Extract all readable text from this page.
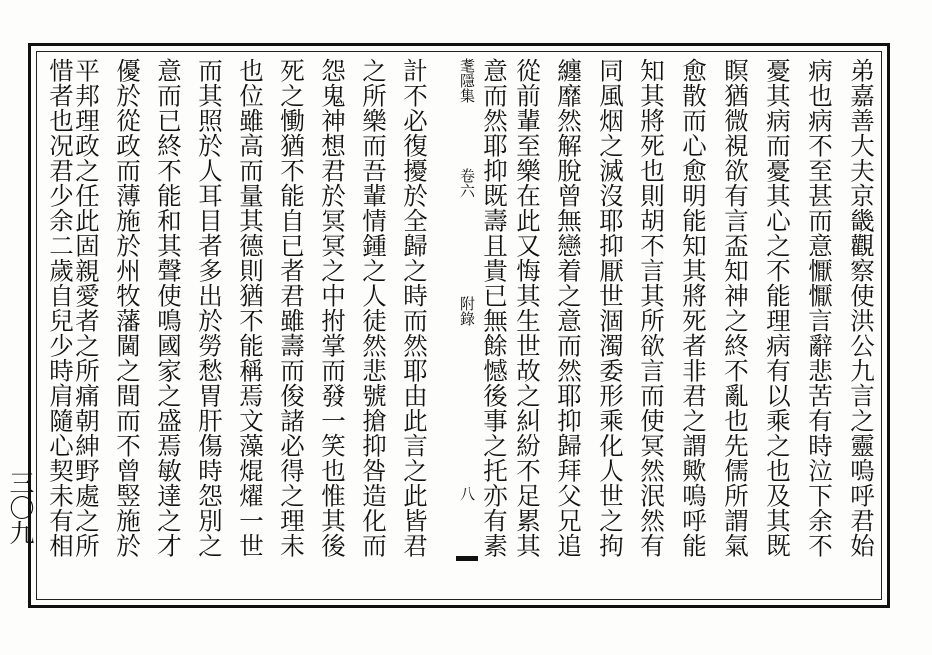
弟嘉善大夫京畿觀察使洪公九言之靈嗚呼君始
病也病不至甚而意懨懨言辭悲苦有時泣下余不
憂其病而憂其心之不能理病有以乘之也及其既
瞑猶微視欲有言盃知神之終不亂也先儒所謂氣
愈散而心愈明能知其將死者非君之謂歟嗚呼能
知其將死也則胡不言其所欲言而使冥然泯然有
同風烟之滅沒耶抑厭世涸濁委形乘化人世之拘
纏靡然解脫曾無戀着之意而然耶抑歸拜父兄追
從前輩至樂在此又悔其生世故之糾紛不足累其
意而然耶抑既壽且貴已無餘憾後事之托亦有素
耄隱集
卷六
附錄
八
計不必復擾於全歸之時而然耶由此言之此皆君
之所樂而吾輩情鍾之人徒然悲號搶抑咎造化而
怨鬼神想君於冥冥之中拊掌而發一笑也惟其後
死之慟猶不能自已者君雖壽而俊諸必得之理未
也位雖高而量其德則猶不能稱焉文藻焜燿一世
而其照於人耳目者多出於勞愁胃肝傷時怨別之
意而已終不能和其聲使鳴國家之盛焉敏達之才
優於從政而薄施於州牧藩閫之間而不曾竪施於
平邦理政之任此固親愛者之所痛朝紳野處之所
惜者也况君少余二歲自兒少時肩隨心契未有相
三〇九
